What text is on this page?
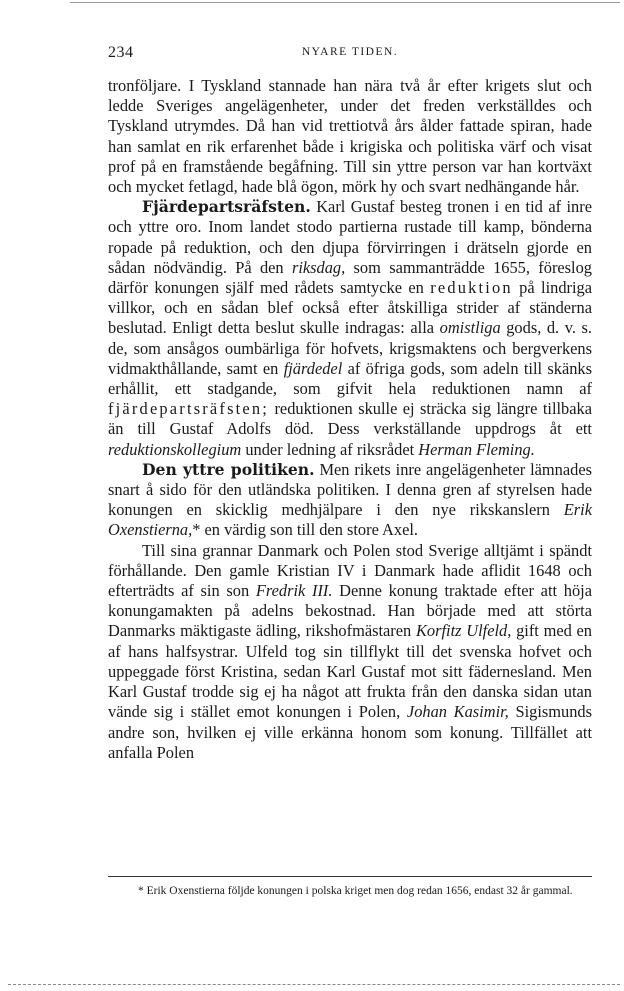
234	NYARE TIDEN.

tronföljare. I Tyskland stannade han nära två år efter krigets slut och ledde Sveriges angelägenheter, under det freden verkställdes och Tyskland utrymdes. Då han vid trettiotvå års ålder fattade spiran, hade han samlat en rik erfarenhet både i krigiska och politiska värf och visat prof på en framstående begåfning. Till sin yttre person var han kortväxt och mycket fetlagd, hade blå ögon, mörk hy och svart nedhängande hår.

Fjärdepartsräfsten. Karl Gustaf besteg tronen i en tid af inre och yttre oro. Inom landet stodo partierna rustade till kamp, bönderna ropade på reduktion, och den djupa förvirringen i drätseln gjorde en sådan nödvändig. På den riksdag, som sammanträdde 1655, föreslog därför konungen själf med rådets samtycke en reduktion på lindriga villkor, och en sådan blef också efter åtskilliga strider af ständerna beslutad. Enligt detta beslut skulle indragas: alla omistliga gods, d. v. s. de, som ansågos oumbärliga för hofvets, krigsmaktens och bergverkens vidmakthållande, samt en fjärdedel af öfriga gods, som adeln till skänks erhållit, ett stadgande, som gifvit hela reduktionen namn af fjärdepartsräfsten; reduktionen skulle ej sträcka sig längre tillbaka än till Gustaf Adolfs död. Dess verkställande uppdrogs åt ett reduktionskollegium under ledning af riksrådet Herman Fleming.

Den yttre politiken. Men rikets inre angelägenheter lämnades snart å sido för den utländska politiken. I denna gren af styrelsen hade konungen en skicklig medhjälpare i den nye rikskanslern Erik Oxenstierna,* en värdig son till den store Axel.

Till sina grannar Danmark och Polen stod Sverige alltjämt i spändt förhållande. Den gamle Kristian IV i Danmark hade aflidit 1648 och efterträdts af sin son Fredrik III. Denne konung traktade efter att höja konungamakten på adelns bekostnad. Han började med att störta Danmarks mäktigaste ädling, rikshofmästaren Korfitz Ulfeld, gift med en af hans halfsystrar. Ulfeld tog sin tillflykt till det svenska hofvet och uppeggade först Kristina, sedan Karl Gustaf mot sitt fädernesland. Men Karl Gustaf trodde sig ej ha något att frukta från den danska sidan utan vände sig i stället emot konungen i Polen, Johan Kasimir, Sigismunds andre son, hvilken ej ville erkänna honom som konung. Tillfället att anfalla Polen

* Erik Oxenstierna följde konungen i polska kriget men dog redan 1656, endast 32 år gammal.
